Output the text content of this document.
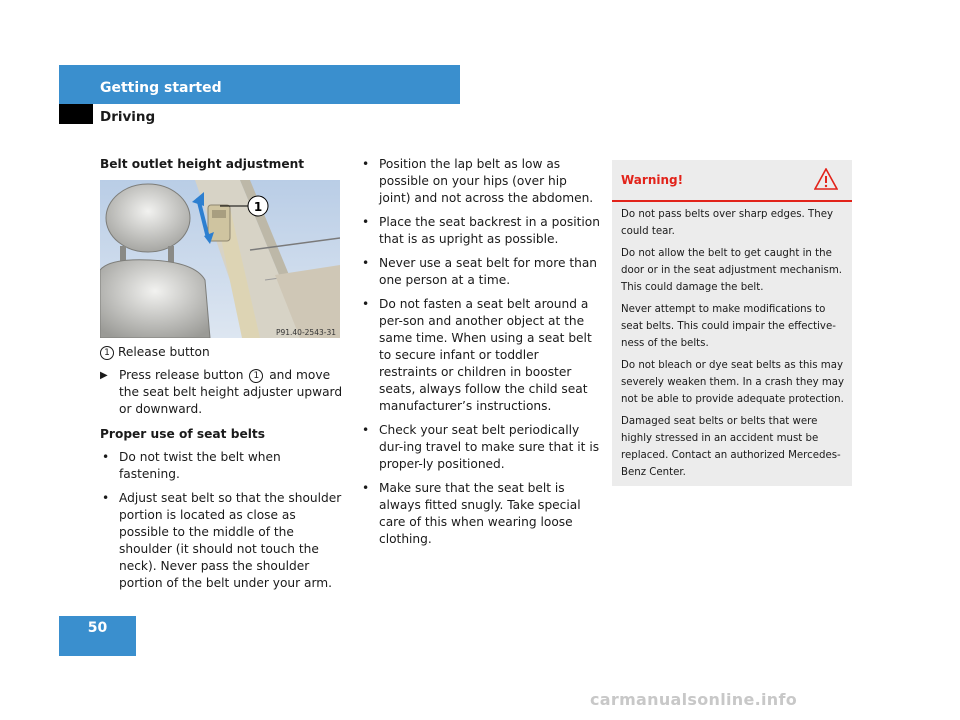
Getting started
Driving
Belt outlet height adjustment
1 Release button
▶ Press release button 1 and move the seat belt height adjuster upward or downward.
Proper use of seat belts
• Do not twist the belt when fastening.
• Adjust seat belt so that the shoulder portion is located as close as possible to the middle of the shoulder (it should not touch the neck). Never pass the shoulder portion of the belt under your arm.
1
P91.40-2543-31
• Position the lap belt as low as possible on your hips (over hip joint) and not across the abdomen.
• Place the seat backrest in a position that is as upright as possible.
• Never use a seat belt for more than one person at a time.
• Do not fasten a seat belt around a per-son and another object at the same time. When using a seat belt to secure infant or toddler restraints or children in booster seats, always follow the child seat manufacturer’s instructions.
• Check your seat belt periodically dur-ing travel to make sure that it is proper-ly positioned.
• Make sure that the seat belt is always fitted snugly. Take special care of this when wearing loose clothing.
Warning!

Do not pass belts over sharp edges. They could tear.

Do not allow the belt to get caught in the door or in the seat adjustment mechanism. This could damage the belt.

Never attempt to make modifications to seat belts. This could impair the effective-ness of the belts.

Do not bleach or dye seat belts as this may severely weaken them. In a crash they may not be able to provide adequate protection.

Damaged seat belts or belts that were highly stressed in an accident must be replaced. Contact an authorized Mercedes-Benz Center.

50
carmanualsonline.info
